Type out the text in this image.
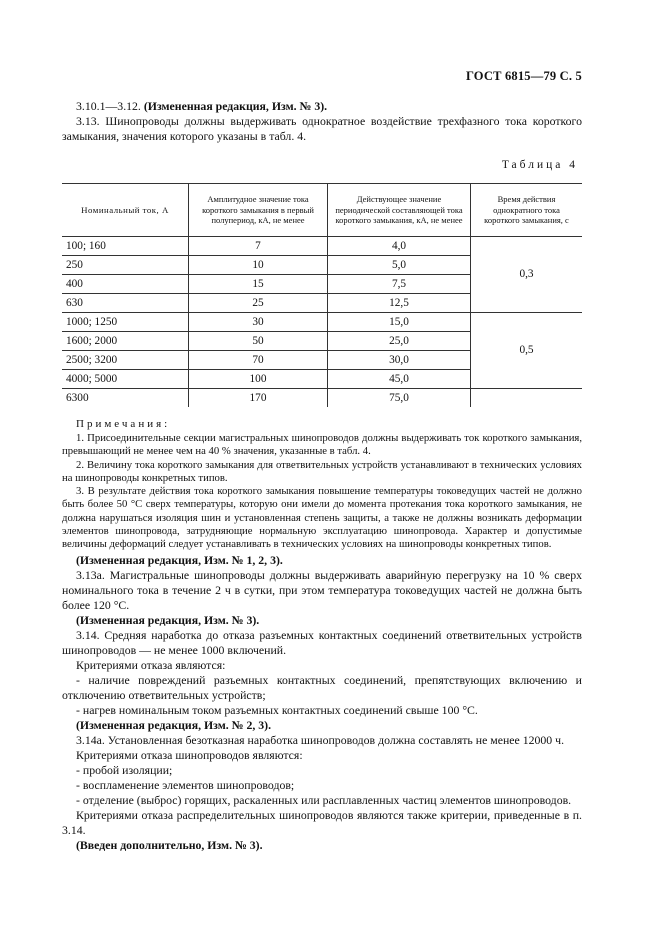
ГОСТ 6815—79 С. 5

3.10.1—3.12. (Измененная редакция, Изм. № 3).

3.13. Шинопроводы должны выдерживать однократное воздействие трехфазного тока короткого замыкания, значения которого указаны в табл. 4.

Таблица 4
Номинальный ток, А	Амплитудное значение тока короткого замыкания в первый полупериод, кА, не менее	Действующее значение периодической составляющей тока короткого замыкания, кА, не менее	Время действия однократного тока короткого замыкания, с
100; 160	7	4,0	0,3
250	10	5,0	
400	15	7,5	
630	25	12,5	
1000; 1250	30	15,0	0,5
1600; 2000	50	25,0	
2500; 3200	70	30,0	
4000; 5000	100	45,0	
6300	170	75,0	

Примечания:

1. Присоединительные секции магистральных шинопроводов должны выдерживать ток короткого замыкания, превышающий не менее чем на 40 % значения, указанные в табл. 4.

2. Величину тока короткого замыкания для ответвительных устройств устанавливают в технических условиях на шинопроводы конкретных типов.

3. В результате действия тока короткого замыкания повышение температуры токоведущих частей не должно быть более 50 °С сверх температуры, которую они имели до момента протекания тока короткого замыкания, не должна нарушаться изоляция шин и установленная степень защиты, а также не должны возникать деформации элементов шинопровода, затрудняющие нормальную эксплуатацию шинопровода. Характер и допустимые величины деформаций следует устанавливать в технических условиях на шинопроводы конкретных типов.

(Измененная редакция, Изм. № 1, 2, 3).

3.13а. Магистральные шинопроводы должны выдерживать аварийную перегрузку на 10 % сверх номинального тока в течение 2 ч в сутки, при этом температура токоведущих частей не должна быть более 120 °С.

(Измененная редакция, Изм. № 3).

3.14. Средняя наработка до отказа разъемных контактных соединений ответвительных устройств шинопроводов — не менее 1000 включений.

Критериями отказа являются:

- наличие повреждений разъемных контактных соединений, препятствующих включению и отключению ответвительных устройств;

- нагрев номинальным током разъемных контактных соединений свыше 100 °С.

(Измененная редакция, Изм. № 2, 3).

3.14а. Установленная безотказная наработка шинопроводов должна составлять не менее 12000 ч.

Критериями отказа шинопроводов являются:

- пробой изоляции;

- воспламенение элементов шинопроводов;

- отделение (выброс) горящих, раскаленных или расплавленных частиц элементов шинопроводов.

Критериями отказа распределительных шинопроводов являются также критерии, приведенные в п. 3.14.

(Введен дополнительно, Изм. № 3).
